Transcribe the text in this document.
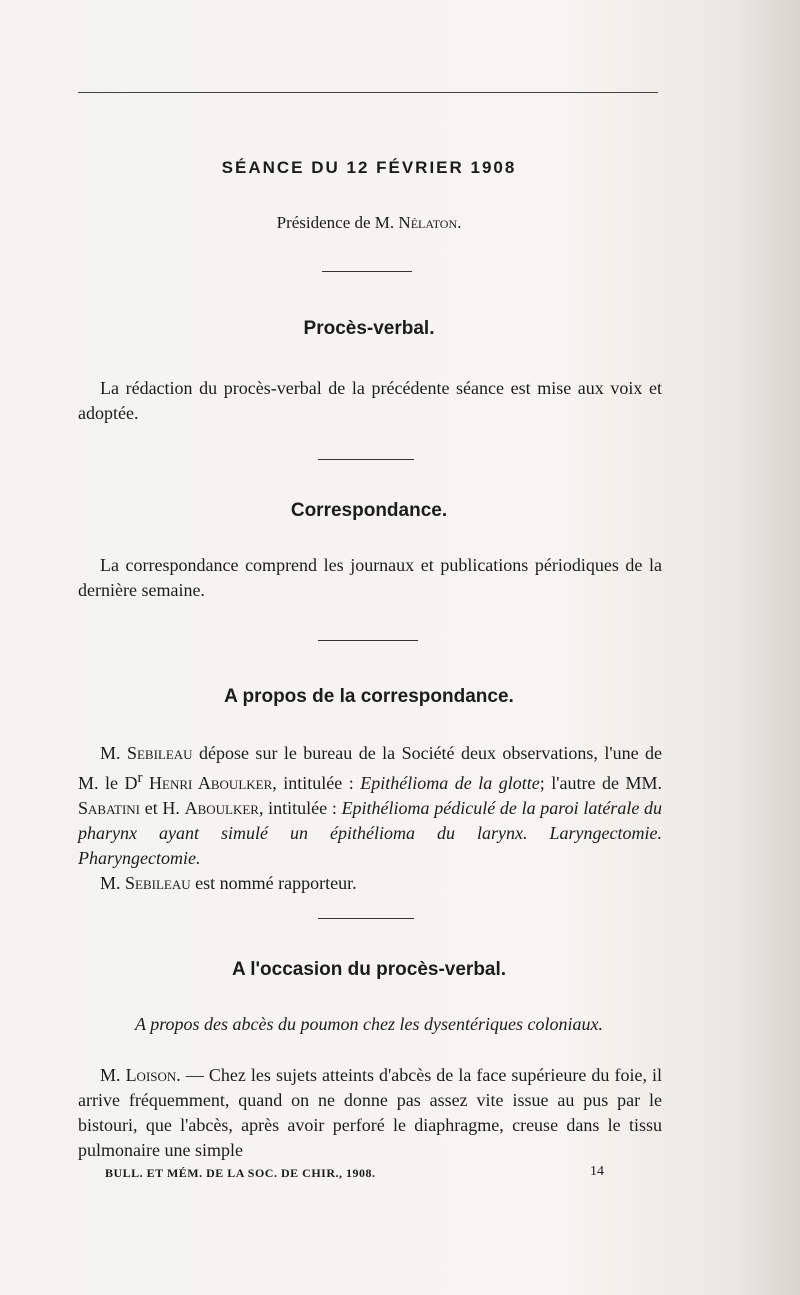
SÉANCE DU 12 FÉVRIER 1908
Présidence de M. Nélaton.
Procès-verbal.

La rédaction du procès-verbal de la précédente séance est mise aux voix et adoptée.

Correspondance.

La correspondance comprend les journaux et publications périodiques de la dernière semaine.

A propos de la correspondance.

M. Sebileau dépose sur le bureau de la Société deux observations, l'une de M. le $D^r$ Henri Aboulker, intitulée : Epithélioma de la glotte; l'autre de MM. Sabatini et H. Aboulker, intitulée : Epithélioma pédiculé de la paroi latérale du pharynx ayant simulé un épithélioma du larynx. Laryngectomie. Pharyngectomie.

M. Sebileau est nommé rapporteur.

A l'occasion du procès-verbal.
A propos des abcès du poumon chez les dysentériques coloniaux.

M. Loison. — Chez les sujets atteints d'abcès de la face supérieure du foie, il arrive fréquemment, quand on ne donne pas assez vite issue au pus par le bistouri, que l'abcès, après avoir perforé le diaphragme, creuse dans le tissu pulmonaire une simple

BULL. ET MÉM. DE LA SOC. DE CHIR., 1908.	14
